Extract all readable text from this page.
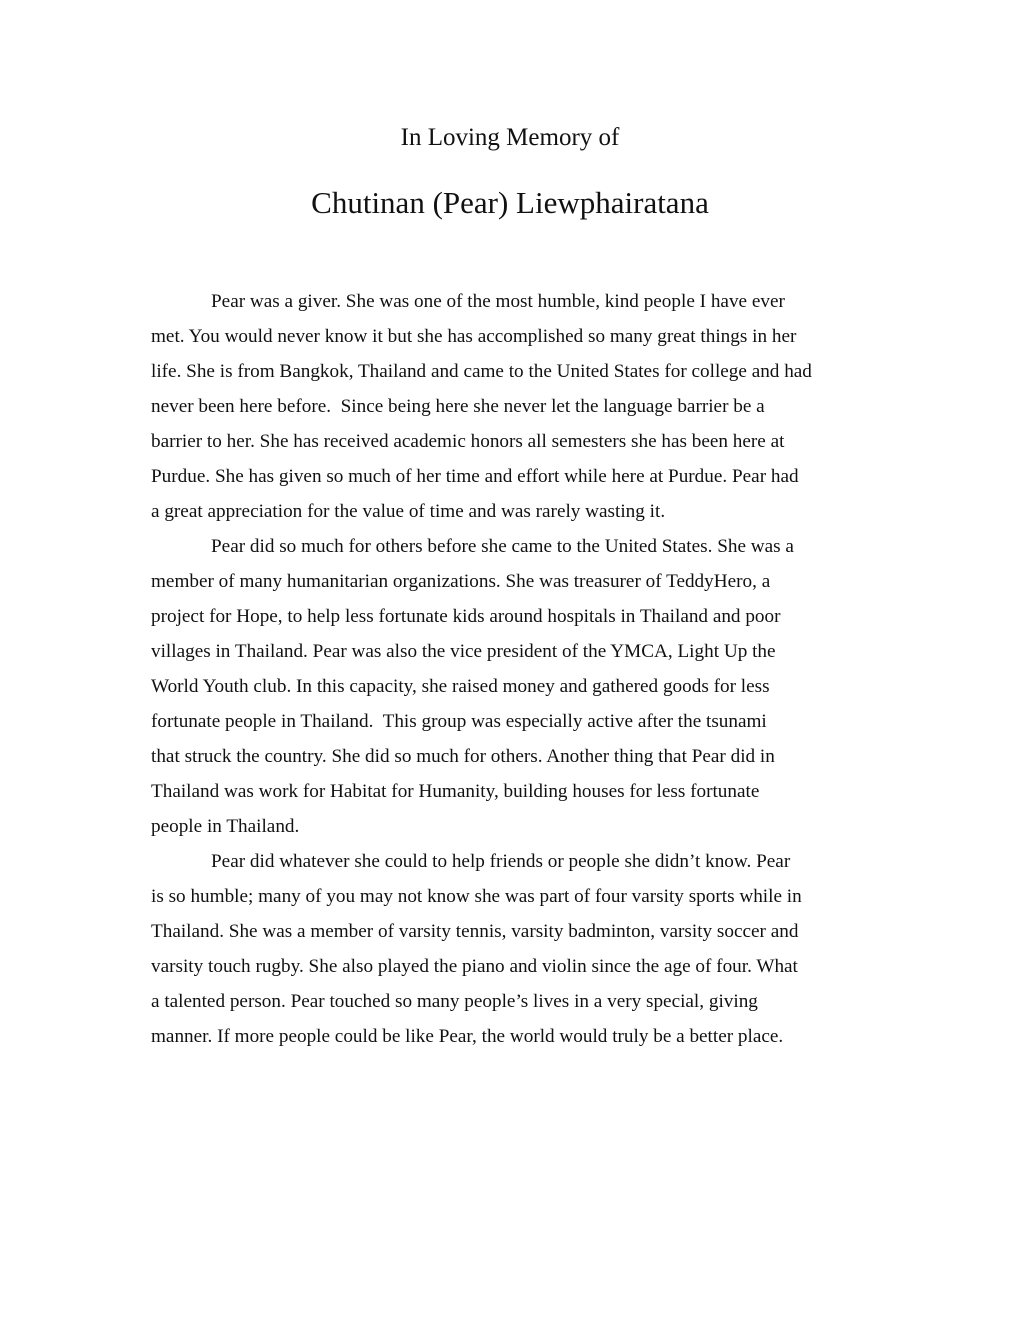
In Loving Memory of
Chutinan (Pear) Liewphairatana

Pear was a giver. She was one of the most humble, kind people I have ever
met. You would never know it but she has accomplished so many great things in her
life. She is from Bangkok, Thailand and came to the United States for college and had
never been here before.  Since being here she never let the language barrier be a
barrier to her. She has received academic honors all semesters she has been here at
Purdue. She has given so much of her time and effort while here at Purdue. Pear had
a great appreciation for the value of time and was rarely wasting it.

Pear did so much for others before she came to the United States. She was a
member of many humanitarian organizations. She was treasurer of TeddyHero, a
project for Hope, to help less fortunate kids around hospitals in Thailand and poor
villages in Thailand. Pear was also the vice president of the YMCA, Light Up the
World Youth club. In this capacity, she raised money and gathered goods for less
fortunate people in Thailand.  This group was especially active after the tsunami
that struck the country. She did so much for others. Another thing that Pear did in
Thailand was work for Habitat for Humanity, building houses for less fortunate
people in Thailand.

Pear did whatever she could to help friends or people she didn’t know. Pear
is so humble; many of you may not know she was part of four varsity sports while in
Thailand. She was a member of varsity tennis, varsity badminton, varsity soccer and
varsity touch rugby. She also played the piano and violin since the age of four. What
a talented person. Pear touched so many people’s lives in a very special, giving
manner. If more people could be like Pear, the world would truly be a better place.
